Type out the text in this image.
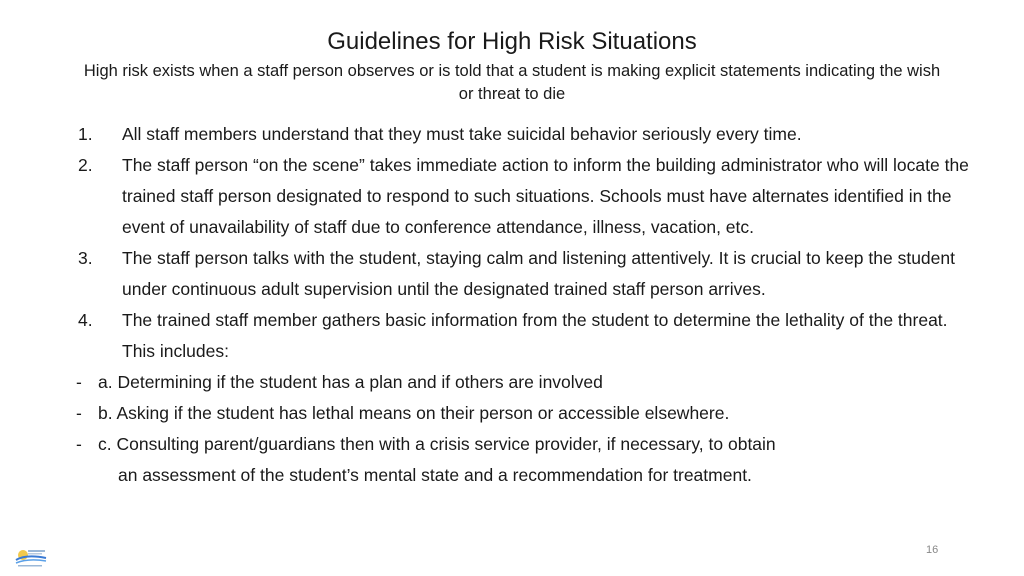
Guidelines for High Risk Situations
High risk exists when a staff person observes or is told that a student is making explicit statements indicating the wish or threat to die
1. All staff members understand that they must take suicidal behavior seriously every time.
2. The staff person “on the scene” takes immediate action to inform the building administrator who will locate the trained staff person designated to respond to such situations. Schools must have alternates identified in the event of unavailability of staff due to conference attendance, illness, vacation, etc.
3. The staff person talks with the student, staying calm and listening attentively. It is crucial to keep the student under continuous adult supervision until the designated trained staff person arrives.
4. The trained staff member gathers basic information from the student to determine the lethality of the threat. This includes:
- a. Determining if the student has a plan and if others are involved
- b. Asking if the student has lethal means on their person or accessible elsewhere.
- c. Consulting parent/guardians then with a crisis service provider, if necessary, to obtain
an assessment of the student’s mental state and a recommendation for treatment.
16
